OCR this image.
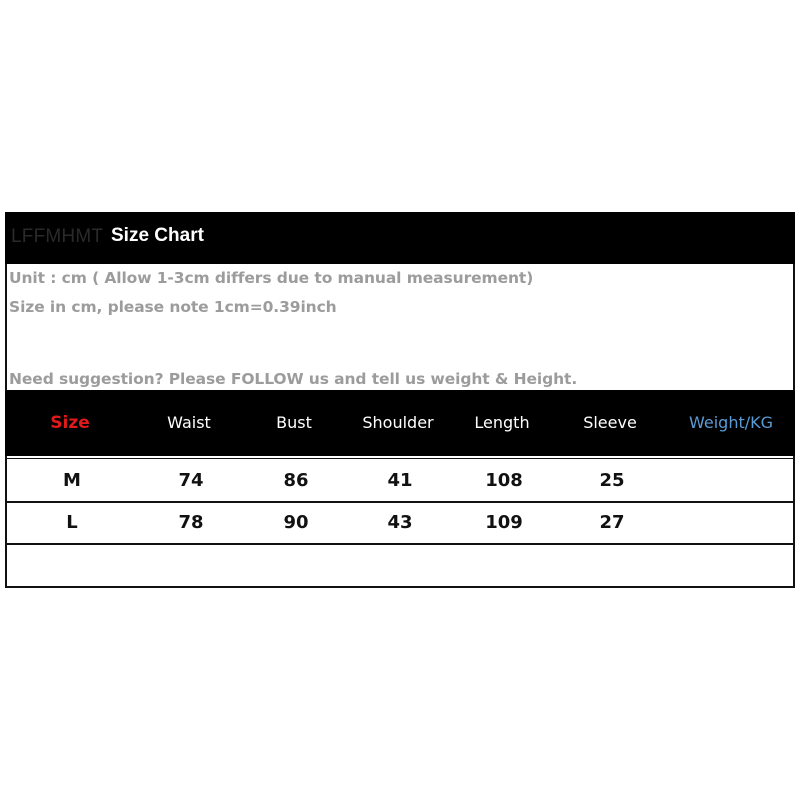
LFFMHMT Size Chart
Unit : cm ( Allow 1-3cm differs due to manual measurement)
Size in cm, please note 1cm=0.39inch
Need suggestion? Please FOLLOW us and tell us weight & Height.
Size	Waist	Bust	Shoulder	Length	Sleeve	Weight/KG
M	74	86	41	108	25
L	78	90	43	109	27
